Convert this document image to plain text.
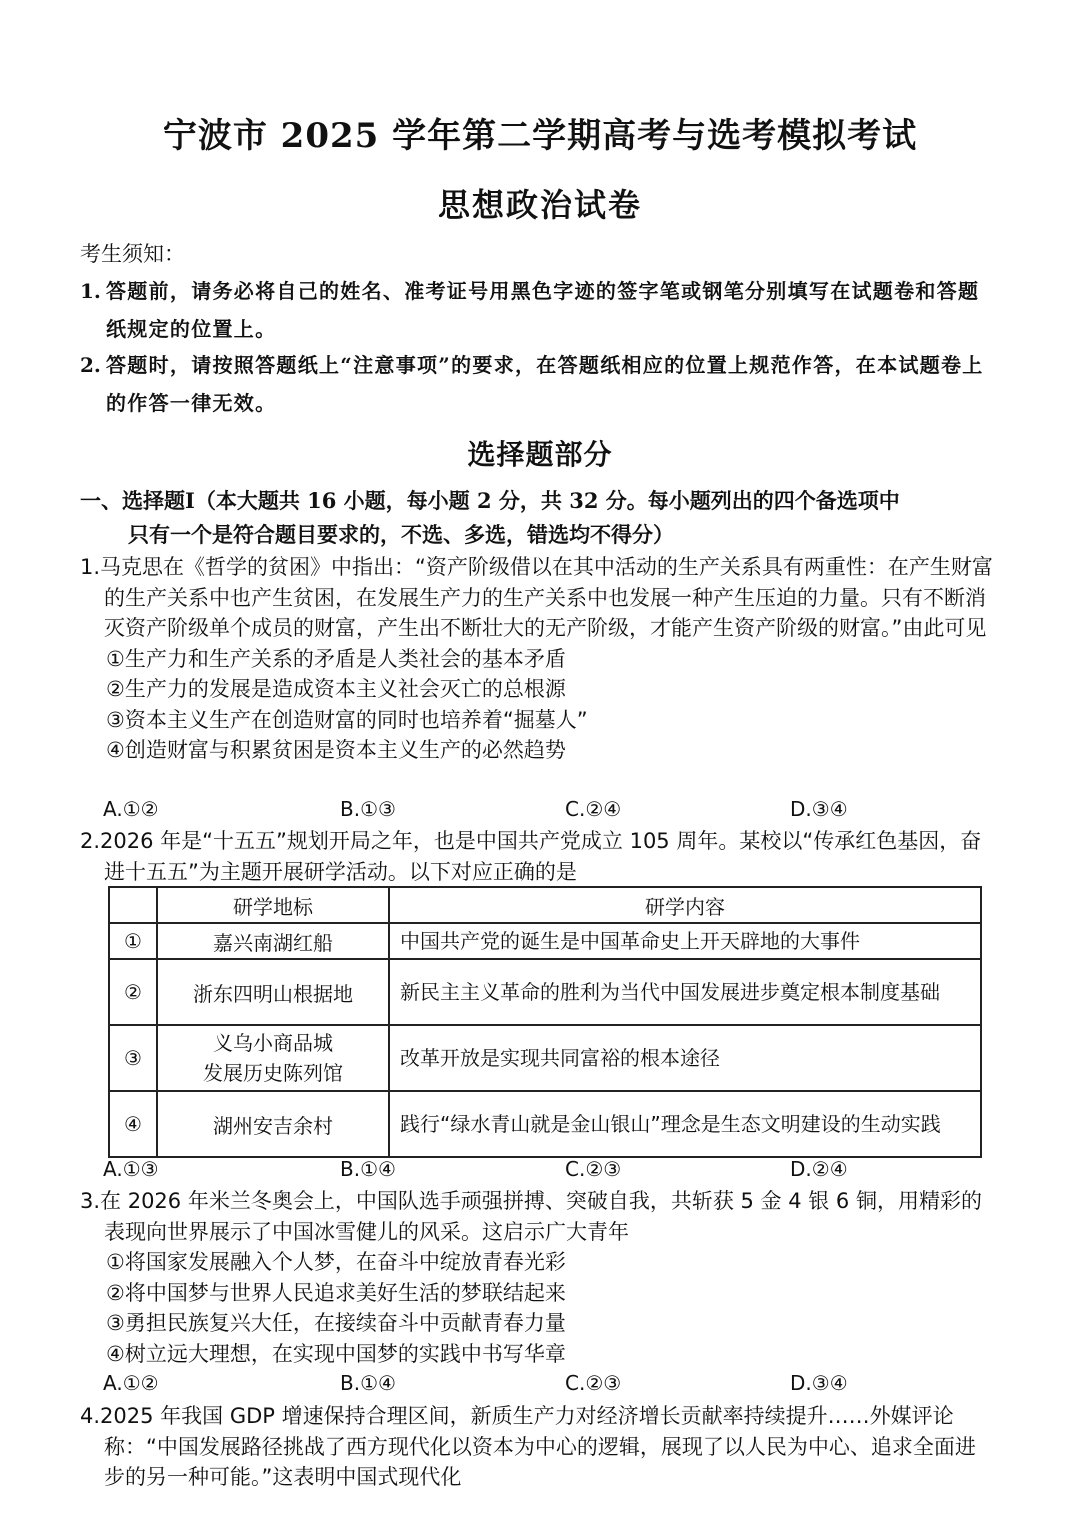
宁波市 2025 学年第二学期高考与选考模拟考试
思想政治试卷
考生须知：
1. 答题前，请务必将自己的姓名、准考证号用黑色字迹的签字笔或钢笔分别填写在试题卷和答题纸规定的位置上。
2. 答题时，请按照答题纸上“注意事项”的要求，在答题纸相应的位置上规范作答，在本试题卷上的作答一律无效。
选择题部分
一、选择题Ⅰ（本大题共 16 小题，每小题 2 分，共 32 分。每小题列出的四个备选项中
只有一个是符合题目要求的，不选、多选，错选均不得分）
1.马克思在《哲学的贫困》中指出：“资产阶级借以在其中活动的生产关系具有两重性：在产生财富的生产关系中也产生贫困，在发展生产力的生产关系中也发展一种产生压迫的力量。只有不断消灭资产阶级单个成员的财富，产生出不断壮大的无产阶级，才能产生资产阶级的财富。”由此可见
①生产力和生产关系的矛盾是人类社会的基本矛盾
②生产力的发展是造成资本主义社会灭亡的总根源
③资本主义生产在创造财富的同时也培养着“掘墓人”
④创造财富与积累贫困是资本主义生产的必然趋势
A.①②	B.①③	C.②④	D.③④
2.2026 年是“十五五”规划开局之年，也是中国共产党成立 105 周年。某校以“传承红色基因，奋进十五五”为主题开展研学活动。以下对应正确的是
	研学地标	研学内容
①	嘉兴南湖红船	中国共产党的诞生是中国革命史上开天辟地的大事件
②	浙东四明山根据地	新民主主义革命的胜利为当代中国发展进步奠定根本制度基础
③	义乌小商品城
发展历史陈列馆	改革开放是实现共同富裕的根本途径
④	湖州安吉余村	践行“绿水青山就是金山银山”理念是生态文明建设的生动实践
A.①③	B.①④	C.②③	D.②④
3.在 2026 年米兰冬奥会上，中国队选手顽强拼搏、突破自我，共斩获 5 金 4 银 6 铜，用精彩的表现向世界展示了中国冰雪健儿的风采。这启示广大青年
①将国家发展融入个人梦，在奋斗中绽放青春光彩
②将中国梦与世界人民追求美好生活的梦联结起来
③勇担民族复兴大任，在接续奋斗中贡献青春力量
④树立远大理想，在实现中国梦的实践中书写华章
A.①②	B.①④	C.②③	D.③④
4.2025 年我国 GDP 增速保持合理区间，新质生产力对经济增长贡献率持续提升……外媒评论称：“中国发展路径挑战了西方现代化以资本为中心的逻辑，展现了以人民为中心、追求全面进步的另一种可能。”这表明中国式现代化
